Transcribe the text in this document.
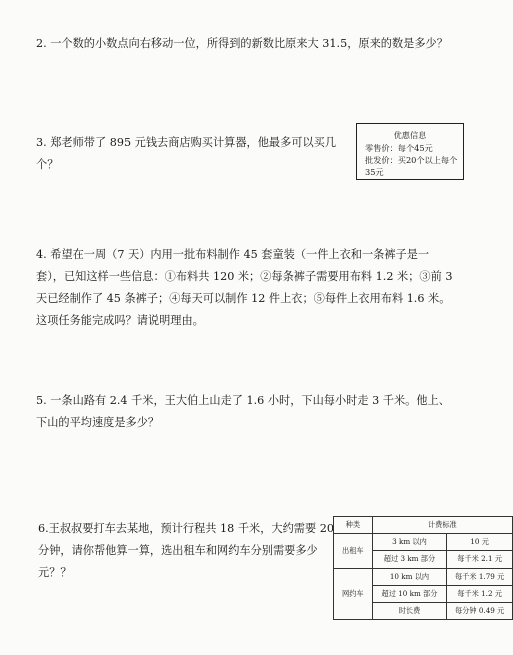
2. 一个数的小数点向右移动一位，所得到的新数比原来大 31.5，原来的数是多少？
3. 郑老师带了 895 元钱去商店购买计算器，他最多可以买几个？
优惠信息
零售价：每个45元
批发价：买20个以上每个35元
4. 希望在一周（7 天）内用一批布料制作 45 套童装（一件上衣和一条裤子是一套），已知这样一些信息：①布料共 120 米；②每条裤子需要用布料 1.2 米；③前 3 天已经制作了 45 条裤子；④每天可以制作 12 件上衣；⑤每件上衣用布料 1.6 米。这项任务能完成吗？请说明理由。
5. 一条山路有 2.4 千米，王大伯上山走了 1.6 小时，下山每小时走 3 千米。他上、下山的平均速度是多少？
6.王叔叔要打车去某地，预计行程共 18 千米，大约需要 20 分钟，请你帮他算一算，选出租车和网约车分别需要多少元？？
种类	计费标准	
出租车	3 km 以内	10 元
	超过 3 km 部分	每千米 2.1 元
网约车	10 km 以内	每千米 1.79 元
	超过 10 km 部分	每千米 1.2 元
	时长费	每分钟 0.49 元
